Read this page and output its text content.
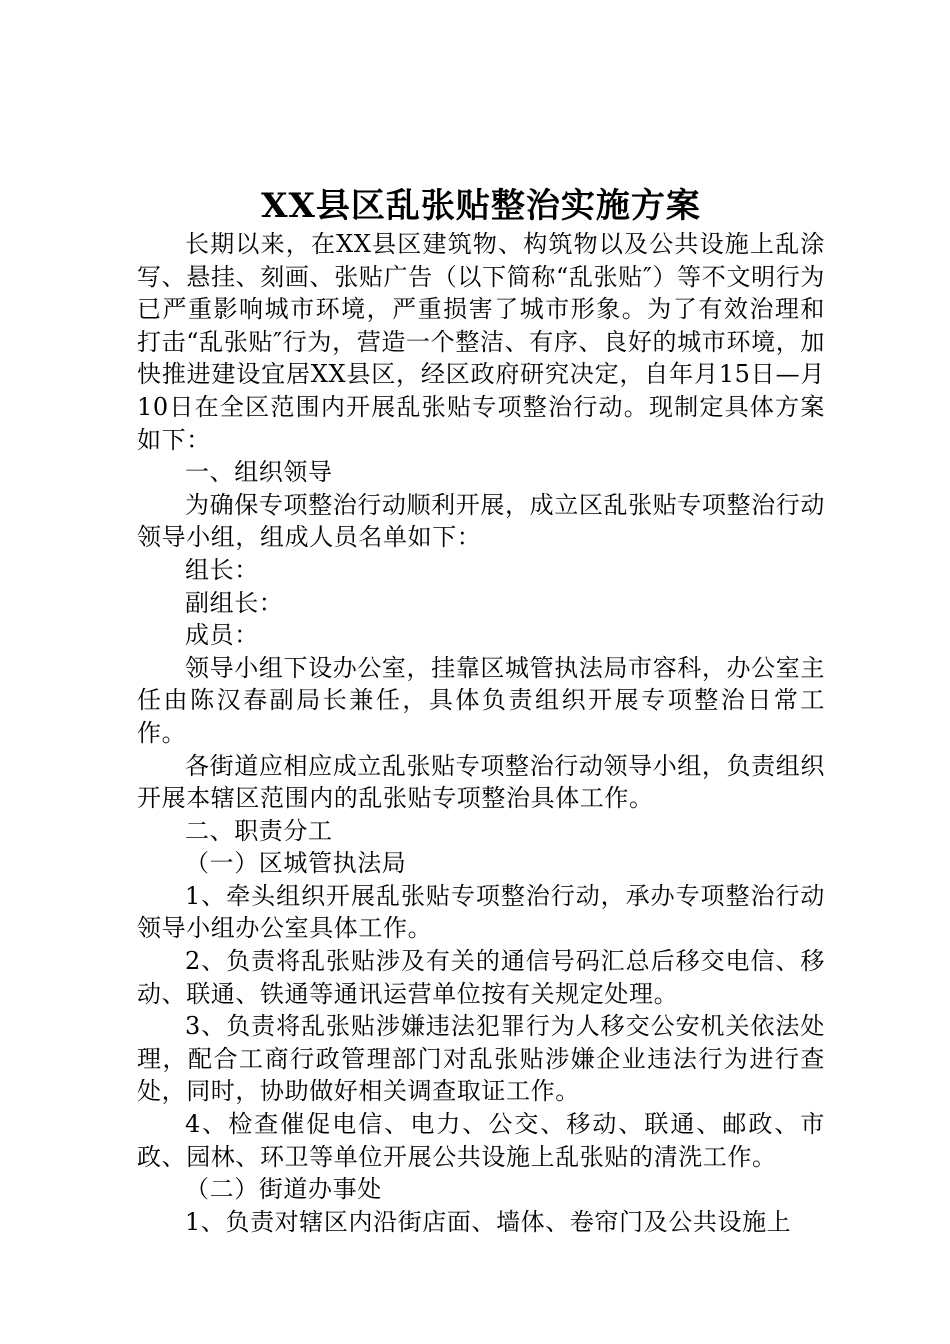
XX县区乱张贴整治实施方案

长期以来，在XX县区建筑物、构筑物以及公共设施上乱涂写、悬挂、刻画、张贴广告（以下简称“乱张贴″）等不文明行为已严重影响城市环境，严重损害了城市形象。为了有效治理和打击“乱张贴″行为，营造一个整洁、有序、良好的城市环境，加快推进建设宜居XX县区，经区政府研究决定，自年月15日—月10日在全区范围内开展乱张贴专项整治行动。现制定具体方案如下：

一、组织领导

为确保专项整治行动顺利开展，成立区乱张贴专项整治行动领导小组，组成人员名单如下：

组长：

副组长：

成员：

领导小组下设办公室，挂靠区城管执法局市容科，办公室主任由陈汉春副局长兼任，具体负责组织开展专项整治日常工作。

各街道应相应成立乱张贴专项整治行动领导小组，负责组织开展本辖区范围内的乱张贴专项整治具体工作。

二、职责分工

（一）区城管执法局

1、牵头组织开展乱张贴专项整治行动，承办专项整治行动领导小组办公室具体工作。

2、负责将乱张贴涉及有关的通信号码汇总后移交电信、移动、联通、铁通等通讯运营单位按有关规定处理。

3、负责将乱张贴涉嫌违法犯罪行为人移交公安机关依法处理，配合工商行政管理部门对乱张贴涉嫌企业违法行为进行查处，同时，协助做好相关调查取证工作。

4、检查催促电信、电力、公交、移动、联通、邮政、市政、园林、环卫等单位开展公共设施上乱张贴的清洗工作。

（二）街道办事处

1、负责对辖区内沿街店面、墙体、卷帘门及公共设施上
